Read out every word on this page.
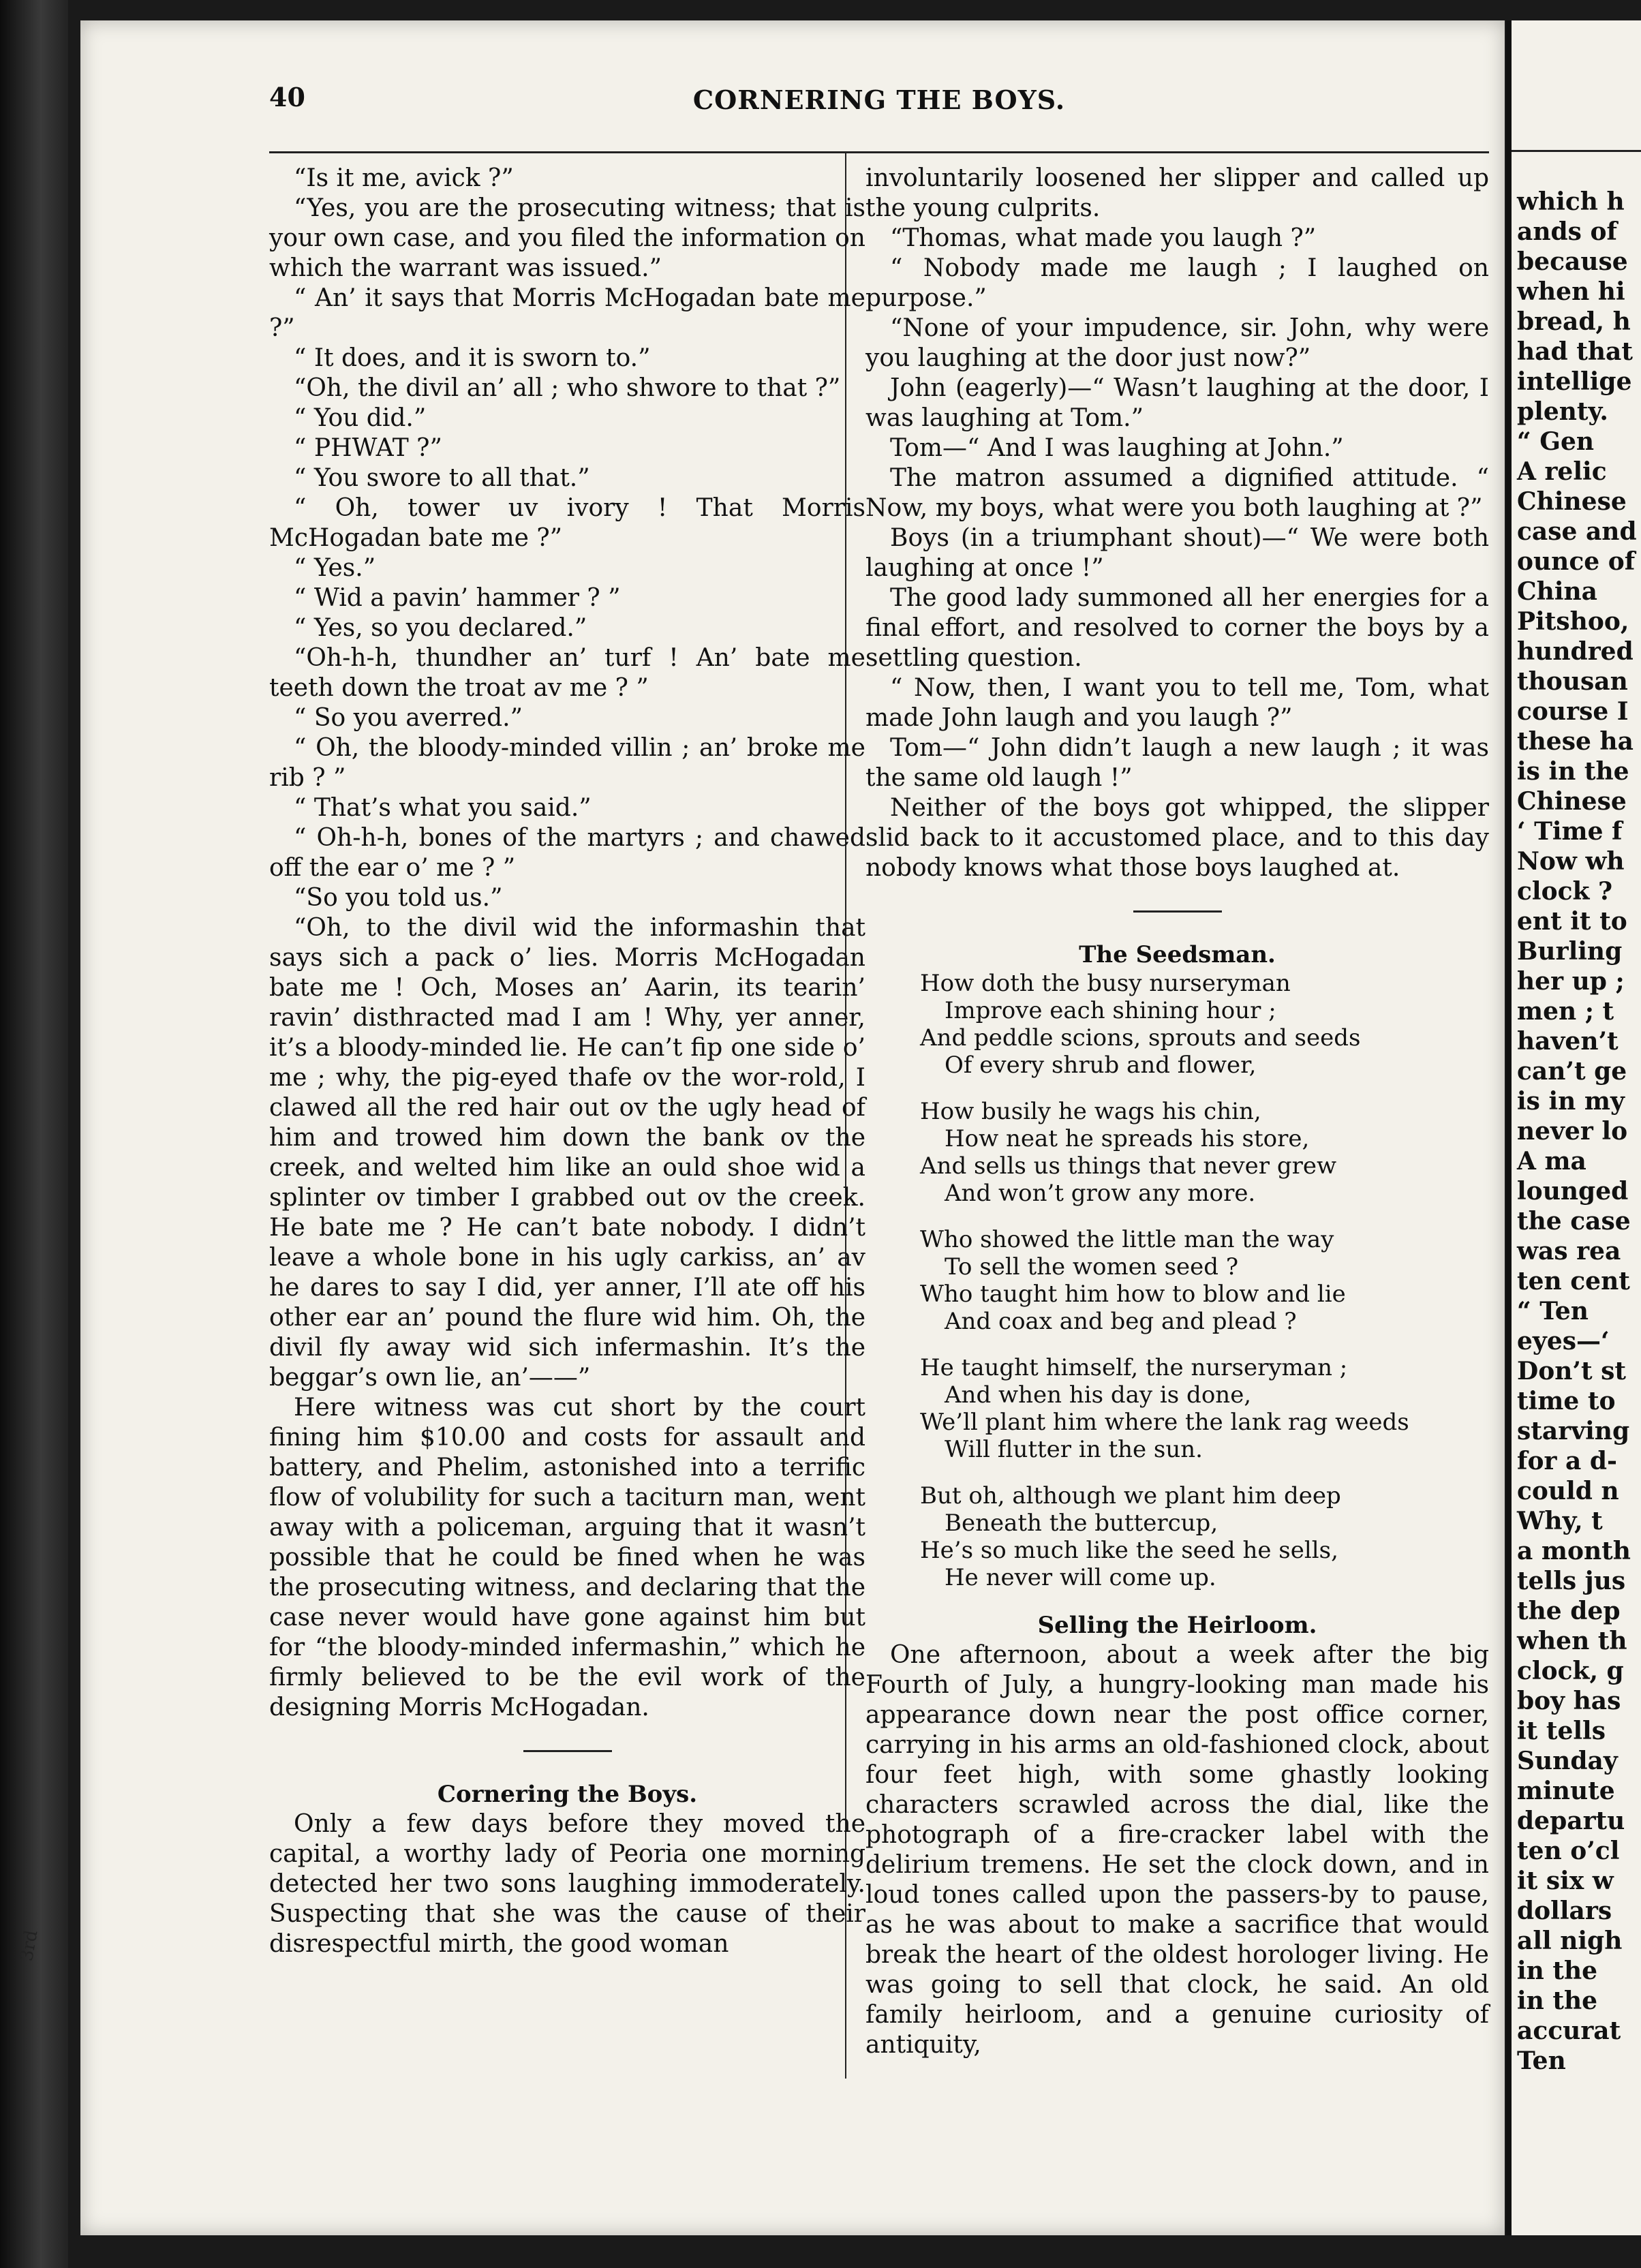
40	CORNERING THE BOYS.

“Is it me, avick ?”

“Yes, you are the prosecuting witness; that is your own case, and you filed the information on which the warrant was issued.”

“ An’ it says that Morris McHogadan bate me ?”

“ It does, and it is sworn to.”

“Oh, the divil an’ all ; who shwore to that ?”

“ You did.”

“ PHWAT ?”

“ You swore to all that.”

“ Oh, tower uv ivory ! That Morris McHogadan bate me ?”

“ Yes.”

“ Wid a pavin’ hammer ? ”

“ Yes, so you declared.”

“Oh-h-h, thundher an’ turf ! An’ bate me teeth down the troat av me ? ”

“ So you averred.”

“ Oh, the bloody-minded villin ; an’ broke me rib ? ”

“ That’s what you said.”

“ Oh-h-h, bones of the martyrs ; and chawed off the ear o’ me ? ”

“So you told us.”

“Oh, to the divil wid the informashin that says sich a pack o’ lies. Morris McHogadan bate me ! Och, Moses an’ Aarin, its tearin’ ravin’ disthracted mad I am ! Why, yer anner, it’s a bloody-minded lie. He can’t fip one side o’ me ; why, the pig-eyed thafe ov the wor-rold, I clawed all the red hair out ov the ugly head of him and trowed him down the bank ov the creek, and welted him like an ould shoe wid a splinter ov timber I grabbed out ov the creek. He bate me ? He can’t bate nobody. I didn’t leave a whole bone in his ugly carkiss, an’ av he dares to say I did, yer anner, I’ll ate off his other ear an’ pound the flure wid him. Oh, the divil fly away wid sich infermashin. It’s the beggar’s own lie, an’——”

Here witness was cut short by the court fining him $10.00 and costs for assault and battery, and Phelim, astonished into a terrific flow of volubility for such a taciturn man, went away with a policeman, arguing that it wasn’t possible that he could be fined when he was the prosecuting witness, and declaring that the case never would have gone against him but for “the bloody-minded infermashin,” which he firmly believed to be the evil work of the designing Morris McHogadan.

Cornering the Boys.

Only a few days before they moved the capital, a worthy lady of Peoria one morning detected her two sons laughing immoderately. Suspecting that she was the cause of their disrespectful mirth, the good woman

involuntarily loosened her slipper and called up the young culprits.

“Thomas, what made you laugh ?”

“ Nobody made me laugh ; I laughed on purpose.”

“None of your impudence, sir. John, why were you laughing at the door just now?”

John (eagerly)—“ Wasn’t laughing at the door, I was laughing at Tom.”

Tom—“ And I was laughing at John.”

The matron assumed a dignified attitude. “ Now, my boys, what were you both laughing at ?”

Boys (in a triumphant shout)—“ We were both laughing at once !”

The good lady summoned all her energies for a final effort, and resolved to corner the boys by a settling question.

“ Now, then, I want you to tell me, Tom, what made John laugh and you laugh ?”

Tom—“ John didn’t laugh a new laugh ; it was the same old laugh !”

Neither of the boys got whipped, the slipper slid back to it accustomed place, and to this day nobody knows what those boys laughed at.

The Seedsman.

How doth the busy nurseryman
Improve each shining hour ;
And peddle scions, sprouts and seeds
Of every shrub and flower,
How busily he wags his chin,
How neat he spreads his store,
And sells us things that never grew
And won’t grow any more.
Who showed the little man the way
To sell the women seed ?
Who taught him how to blow and lie
And coax and beg and plead ?
He taught himself, the nurseryman ;
And when his day is done,
We’ll plant him where the lank rag weeds
Will flutter in the sun.
But oh, although we plant him deep
Beneath the buttercup,
He’s so much like the seed he sells,
He never will come up.

Selling the Heirloom.

One afternoon, about a week after the big Fourth of July, a hungry-looking man made his appearance down near the post office corner, carrying in his arms an old-fashioned clock, about four feet high, with some ghastly looking characters scrawled across the dial, like the photograph of a fire-cracker label with the delirium tremens. He set the clock down, and in loud tones called upon the passers-by to pause, as he was about to make a sacrifice that would break the heart of the oldest horologer living. He was going to sell that clock, he said. An old family heirloom, and a genuine curiosity of antiquity,

which h
ands of
because
when hi
bread, h
had that
intellige
plenty.
“ Gen
A relic
Chinese
case and
ounce of
China
Pitshoo,
hundred
thousan
course I
these ha
is in the
Chinese
‘ Time f
Now wh
clock ?
ent it to
Burling
her up ;
men ; t
haven’t
can’t ge
is in my
never lo
A ma
lounged
the case
was rea
ten cent
“ Ten
eyes—‘
Don’t st
time to
starving
for a d-
could n
Why, t
a month
tells jus
the dep
when th
clock, g
boy has
it tells
Sunday
minute
departu
ten o’cl
it six w
dollars
all nigh
in the
in the
accurat
Ten
3rd
